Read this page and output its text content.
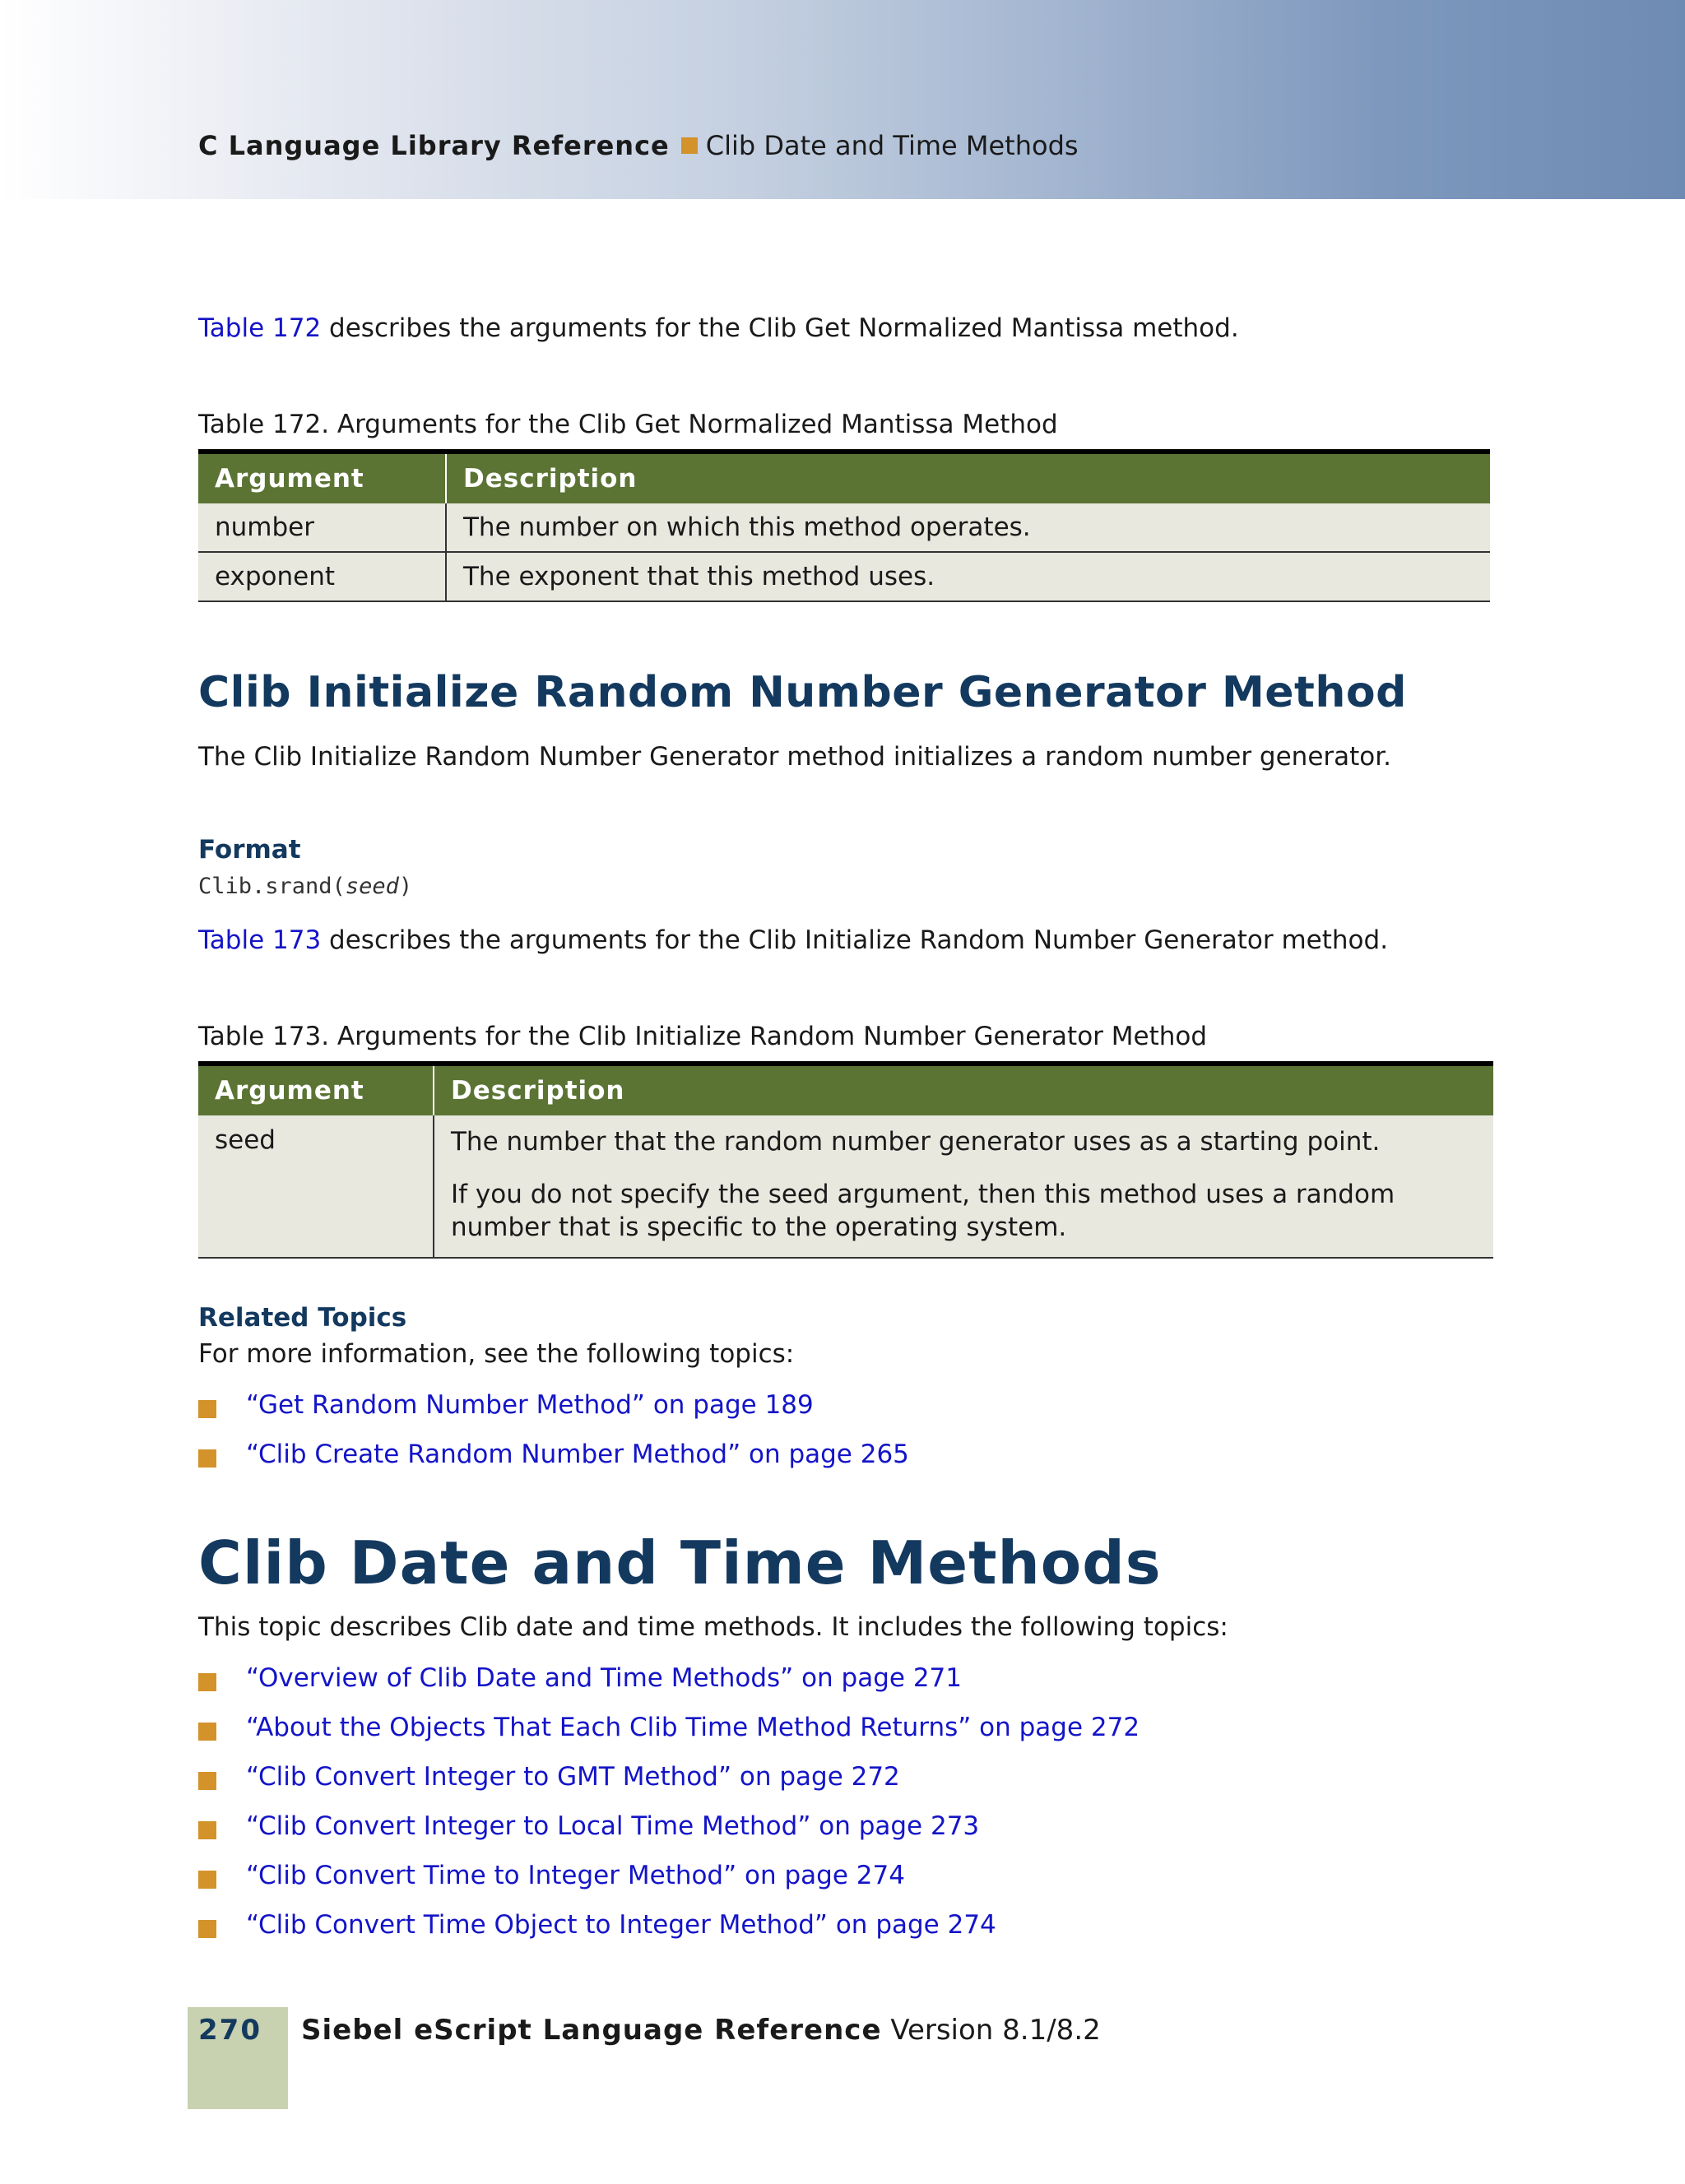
C Language Library Reference Clib Date and Time Methods
Table 172 describes the arguments for the Clib Get Normalized Mantissa method.
Table 172. Arguments for the Clib Get Normalized Mantissa Method
Argument	Description
number	The number on which this method operates.
exponent	The exponent that this method uses.
Clib Initialize Random Number Generator Method
The Clib Initialize Random Number Generator method initializes a random number generator.
Format
Clib.srand(seed)
Table 173 describes the arguments for the Clib Initialize Random Number Generator method.
Table 173. Arguments for the Clib Initialize Random Number Generator Method
Argument	Description
seed	The number that the random number generator uses as a starting point.
If you do not specify the seed argument, then this method uses a random
number that is specific to the operating system.
Related Topics
For more information, see the following topics:
“Get Random Number Method” on page 189
“Clib Create Random Number Method” on page 265
Clib Date and Time Methods
This topic describes Clib date and time methods. It includes the following topics:
“Overview of Clib Date and Time Methods” on page 271
“About the Objects That Each Clib Time Method Returns” on page 272
“Clib Convert Integer to GMT Method” on page 272
“Clib Convert Integer to Local Time Method” on page 273
“Clib Convert Time to Integer Method” on page 274
“Clib Convert Time Object to Integer Method” on page 274
270 Siebel eScript Language Reference Version 8.1/8.2
